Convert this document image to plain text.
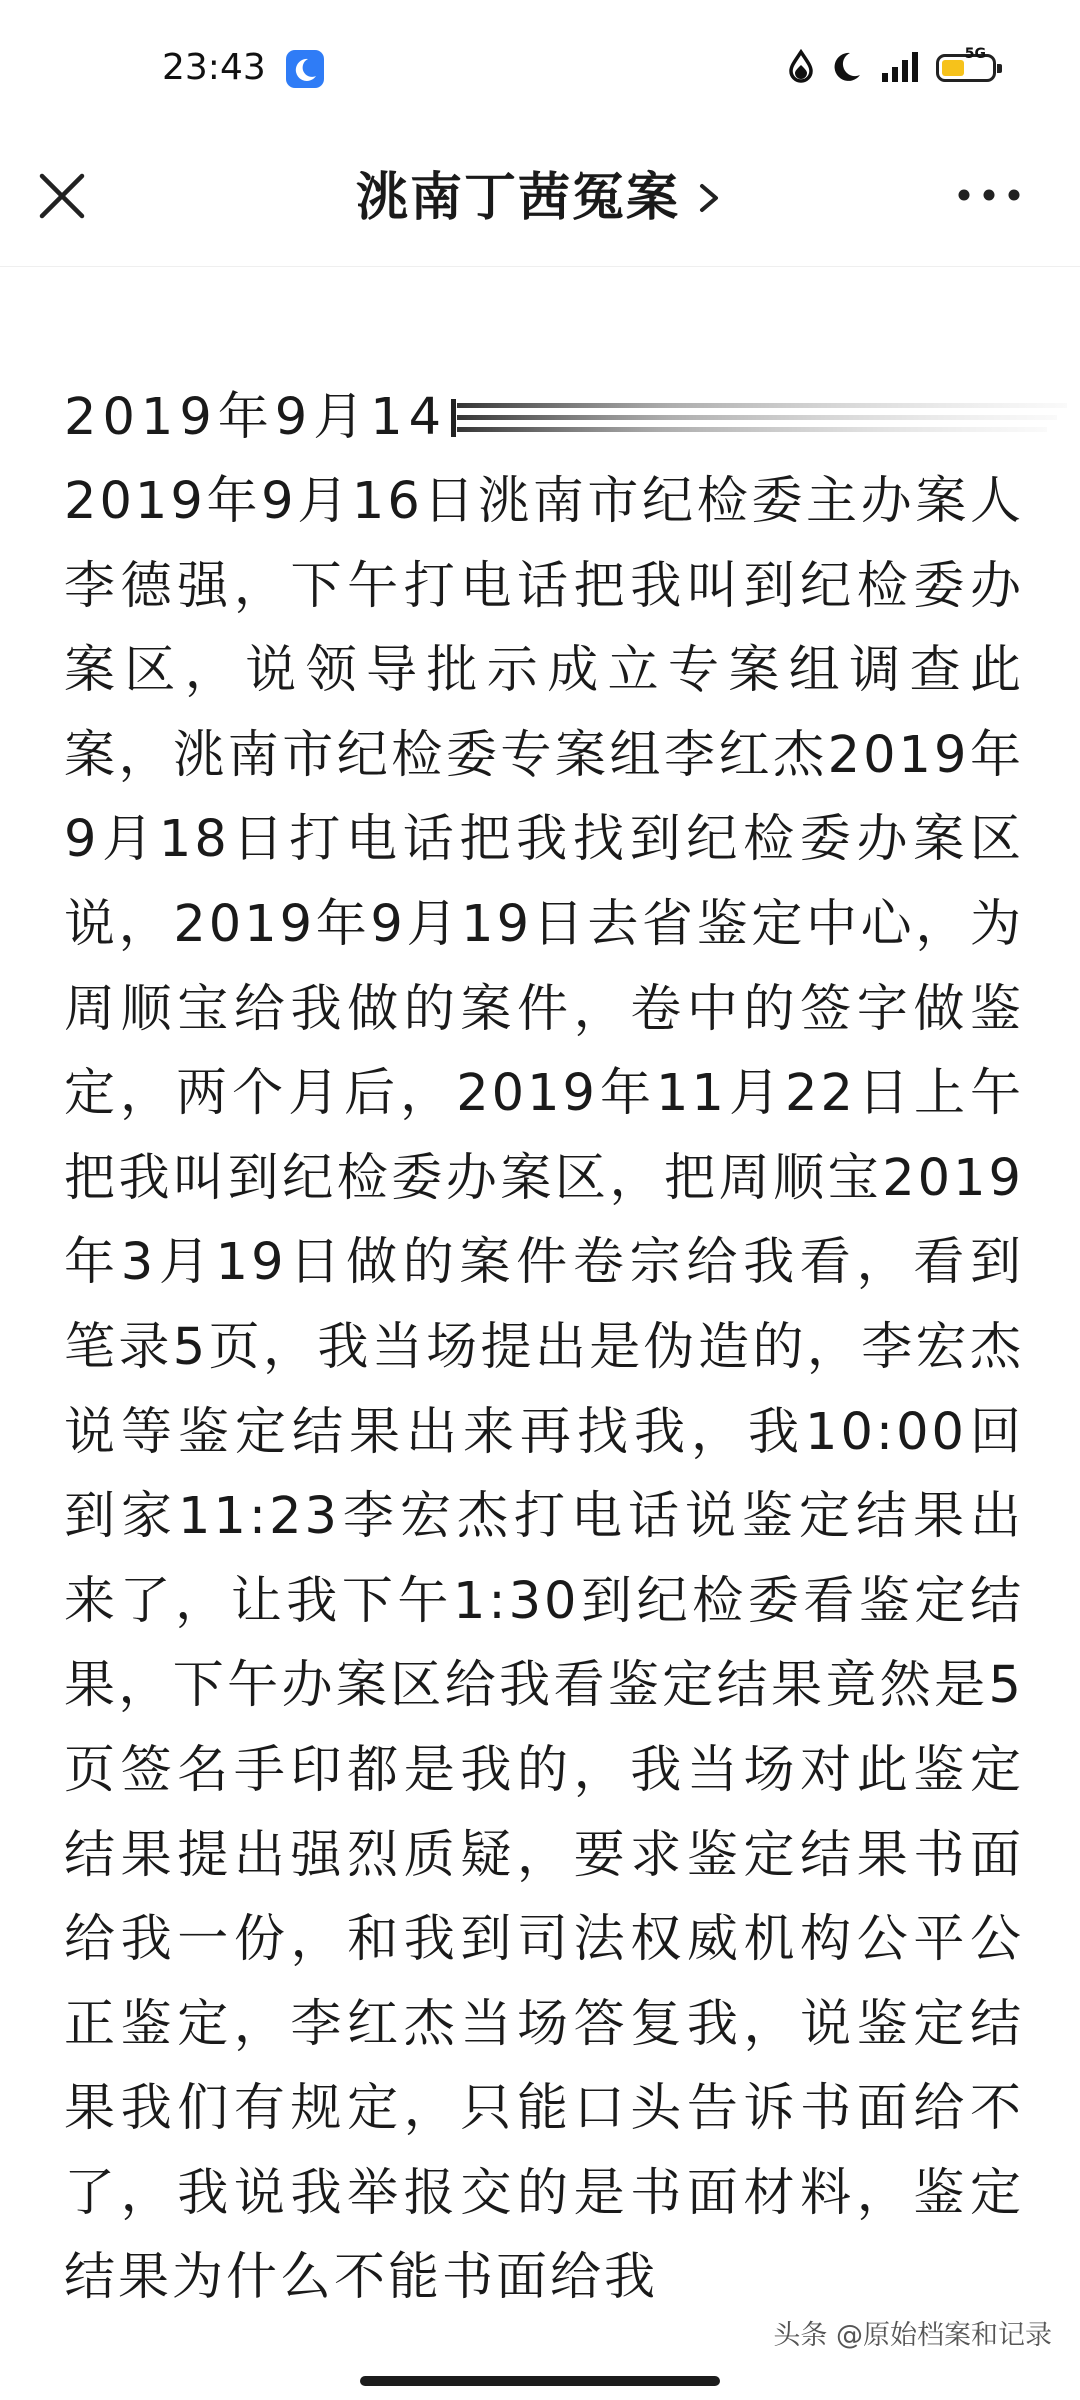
23:43	5G
洮南丁茜冤案
2019年9月14

2019年9月16日洮南市纪检委主办案人李德强，下午打电话把我叫到纪检委办案区，说领导批示成立专案组调查此案，洮南市纪检委专案组李红杰2019年9月18日打电话把我找到纪检委办案区说，2019年9月19日去省鉴定中心，为周顺宝给我做的案件，卷中的签字做鉴定，两个月后，2019年11月22日上午把我叫到纪检委办案区，把周顺宝2019年3月19日做的案件卷宗给我看，看到笔录5页，我当场提出是伪造的，李宏杰说等鉴定结果出来再找我，我10:00回到家11:23李宏杰打电话说鉴定结果出来了，让我下午1:30到纪检委看鉴定结果，下午办案区给我看鉴定结果竟然是5页签名手印都是我的，我当场对此鉴定结果提出强烈质疑，要求鉴定结果书面给我一份，和我到司法权威机构公平公正鉴定，李红杰当场答复我，说鉴定结果我们有规定，只能口头告诉书面给不了，我说我举报交的是书面材料，鉴定结果为什么不能书面给我

头条 @原始档案和记录
